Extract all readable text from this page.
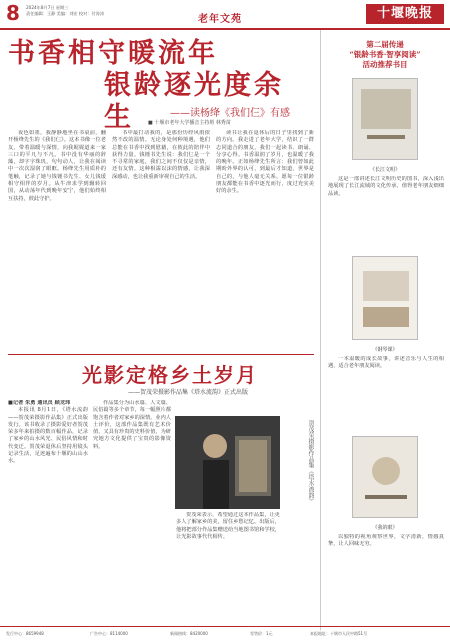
8 2024年8月7日 星期三
责任编辑：王静 美编：刘宏 校对：付涛涛
老年文苑	十堰晚报
书香相守暖流年
银龄逐光度余生	——读杨绛《我们仨》有感
■ 十堰市老年大学播音主持班 林秀苗

夜色如墨，我静静地坐在书桌前，翻开杨绛先生的《我们仨》。这本书像一位老友，带着温暖与深情，向我娓娓道来一家三口的平凡与不凡。书中没有华丽的辞藻，却字字珠玑，句句动人，让我在阅读中一次次湿润了眼眶。杨绛先生用质朴的笔触，记录了她与钱锺书先生、女儿钱瑗相守相伴的岁月。从牛津求学到辗转回国，从动荡年代到晚年安宁，他们始终相互扶持，彼此守护。

书中最打动我的，是那份历经风雨依然不改的温情。无论身处何种境遇，他们总能在书香中找到慰藉，在彼此的陪伴中获得力量。钱锺书先生说：我们仨是一个不寻常的家庭，我们之间不仅仅是亲情，还有友情。这种相濡以沫的情感，让我深深感动，也让我重新审视自己的生活。

读书让我在退休后的日子里找到了新的方向。我走进了老年大学，结识了一群志同道合的朋友，我们一起读书、朗诵、分享心得。书香温润了岁月，也温暖了我的晚年。正如杨绛先生所言：我们曾如此期盼外界的认可，到最后才知道，世界是自己的，与他人毫无关系。愿每一位银龄朋友都能在书香中逐光而行，度过充实美好的余生。

光影定格乡土岁月
——贺茂荣摄影作品集《塔水流韵》正式出版

■记者 朱勇 通讯员 顾龙玮

本报讯 8月1日，《塔水流韵——贺茂荣摄影作品集》正式出版发行。该书收录了摄影爱好者贺茂荣多年来拍摄的数百幅作品，记录了家乡的山水风光、民俗风情和时代变迁。贺茂荣退休后坚持用镜头记录生活，足迹遍布十堰的山山水水。

作品集分为山水篇、人文篇、民俗篇等多个章节，每一幅照片都饱含着作者对家乡的深情。业内人士评价，这部作品集既有艺术价值，又具有珍贵的史料价值，为研究地方文化提供了宝贵的影像资料。

贺茂荣表示，希望通过这本作品集，让更多人了解家乡的美，留住乡愁记忆。出版后，他将把部分作品集赠送给当地图书馆和学校，让光影故事代代相传。

贺茂荣摄影作品集《塔水流韵》
第二届传递
“银龄书香·智享阅读”
活动推荐书目
《长江文明》

这是一部讲述长江文明历史的图书，深入浅出地展现了长江流域的文化传承，值得老年朋友细细品读。

《钢琴课》

一本温暖的成长故事，讲述音乐与人生的相遇，适合老年朋友阅读。

《我的眼》

以独特的视角观察世界，文字清新，情感真挚，让人回味无穷。

发行中心：8659948	广告中心：8114000	新闻热线：8420000	零售价：1元	本报地址：十堰市人民中路51号
